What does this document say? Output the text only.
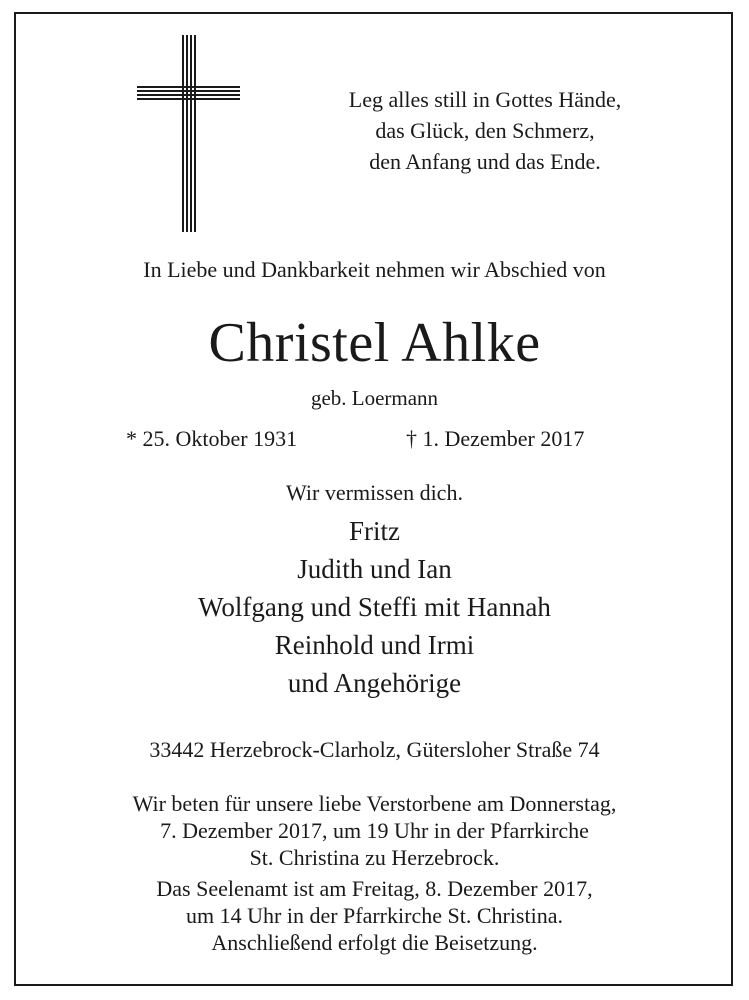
Leg alles still in Gottes Hände,
das Glück, den Schmerz,
den Anfang und das Ende.
In Liebe und Dankbarkeit nehmen wir Abschied von
Christel Ahlke
geb. Loermann
* 25. Oktober 1931	† 1. Dezember 2017
Wir vermissen dich.
Fritz
Judith und Ian
Wolfgang und Steffi mit Hannah
Reinhold und Irmi
und Angehörige
33442 Herzebrock-Clarholz, Gütersloher Straße 74
Wir beten für unsere liebe Verstorbene am Donnerstag,
7. Dezember 2017, um 19 Uhr in der Pfarrkirche
St. Christina zu Herzebrock.
Das Seelenamt ist am Freitag, 8. Dezember 2017,
um 14 Uhr in der Pfarrkirche St. Christina.
Anschließend erfolgt die Beisetzung.
